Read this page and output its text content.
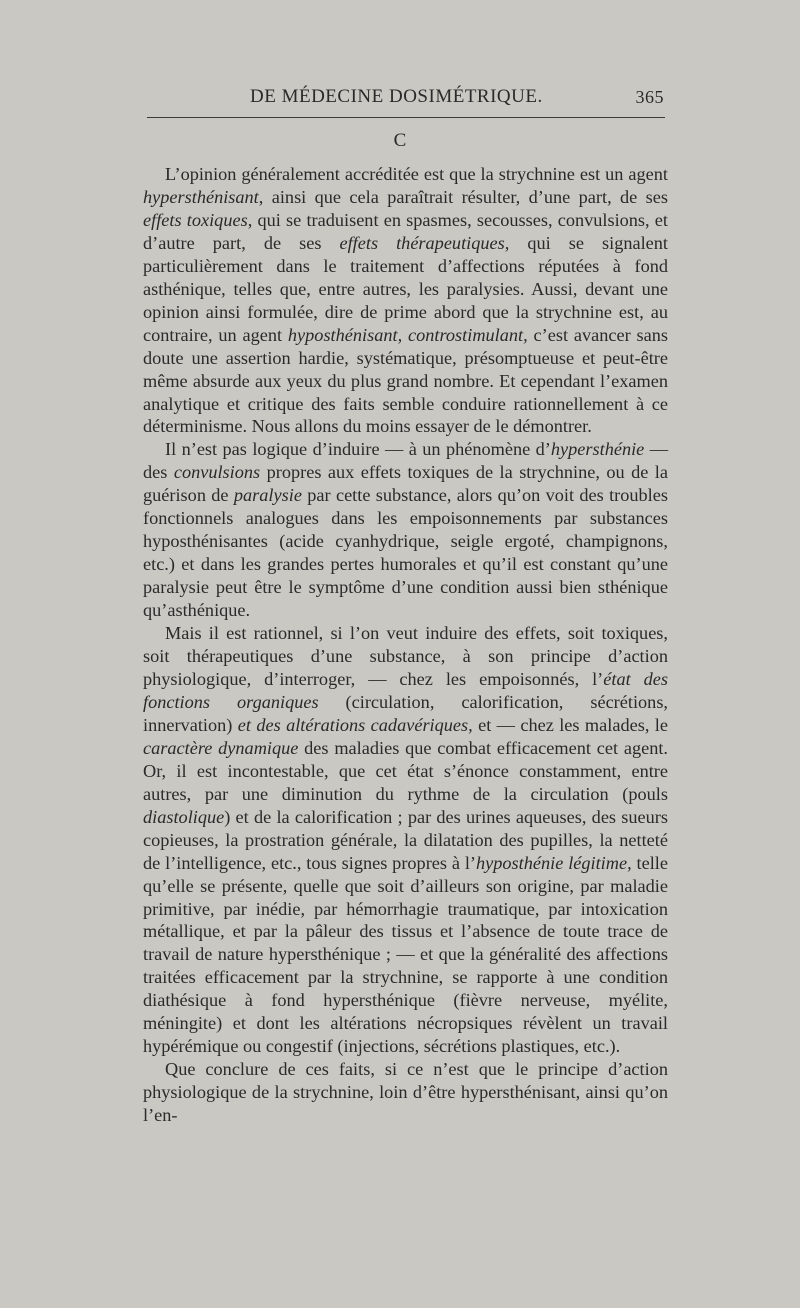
DE MÉDECINE DOSIMÉTRIQUE.	365
C

L’opinion généralement accréditée est que la strychnine est un agent hypersthénisant, ainsi que cela paraîtrait résulter, d’une part, de ses effets toxiques, qui se traduisent en spasmes, secousses, convulsions, et d’autre part, de ses effets thérapeutiques, qui se signalent particulièrement dans le traitement d’affections réputées à fond asthénique, telles que, entre autres, les paralysies. Aussi, devant une opinion ainsi formulée, dire de prime abord que la strychnine est, au contraire, un agent hyposthénisant, controstimulant, c’est avancer sans doute une assertion hardie, systématique, présomptueuse et peut-être même absurde aux yeux du plus grand nombre. Et cependant l’examen analytique et critique des faits semble conduire rationnellement à ce déterminisme. Nous allons du moins essayer de le démontrer.

Il n’est pas logique d’induire — à un phénomène d’hypersthénie — des convulsions propres aux effets toxiques de la strychnine, ou de la guérison de paralysie par cette substance, alors qu’on voit des troubles fonctionnels analogues dans les empoisonnements par substances hyposthénisantes (acide cyanhydrique, seigle ergoté, champignons, etc.) et dans les grandes pertes humorales et qu’il est constant qu’une paralysie peut être le symptôme d’une condition aussi bien sthénique qu’asthénique.

Mais il est rationnel, si l’on veut induire des effets, soit toxiques, soit thérapeutiques d’une substance, à son principe d’action physiologique, d’interroger, — chez les empoisonnés, l’état des fonctions organiques (circulation, calorification, sécrétions, innervation) et des altérations cadavériques, et — chez les malades, le caractère dynamique des maladies que combat efficacement cet agent. Or, il est incontestable, que cet état s’énonce constamment, entre autres, par une diminution du rythme de la circulation (pouls diastolique) et de la calorification ; par des urines aqueuses, des sueurs copieuses, la prostration générale, la dilatation des pupilles, la netteté de l’intelligence, etc., tous signes propres à l’hyposthénie légitime, telle qu’elle se présente, quelle que soit d’ailleurs son origine, par maladie primitive, par inédie, par hémorrhagie traumatique, par intoxication métallique, et par la pâleur des tissus et l’absence de toute trace de travail de nature hypersthénique ; — et que la généralité des affections traitées efficacement par la strychnine, se rapporte à une condition diathésique à fond hypersthénique (fièvre nerveuse, myélite, méningite) et dont les altérations nécropsiques révèlent un travail hypérémique ou congestif (injections, sécrétions plastiques, etc.).

Que conclure de ces faits, si ce n’est que le principe d’action physiologique de la strychnine, loin d’être hypersthénisant, ainsi qu’on l’en-
